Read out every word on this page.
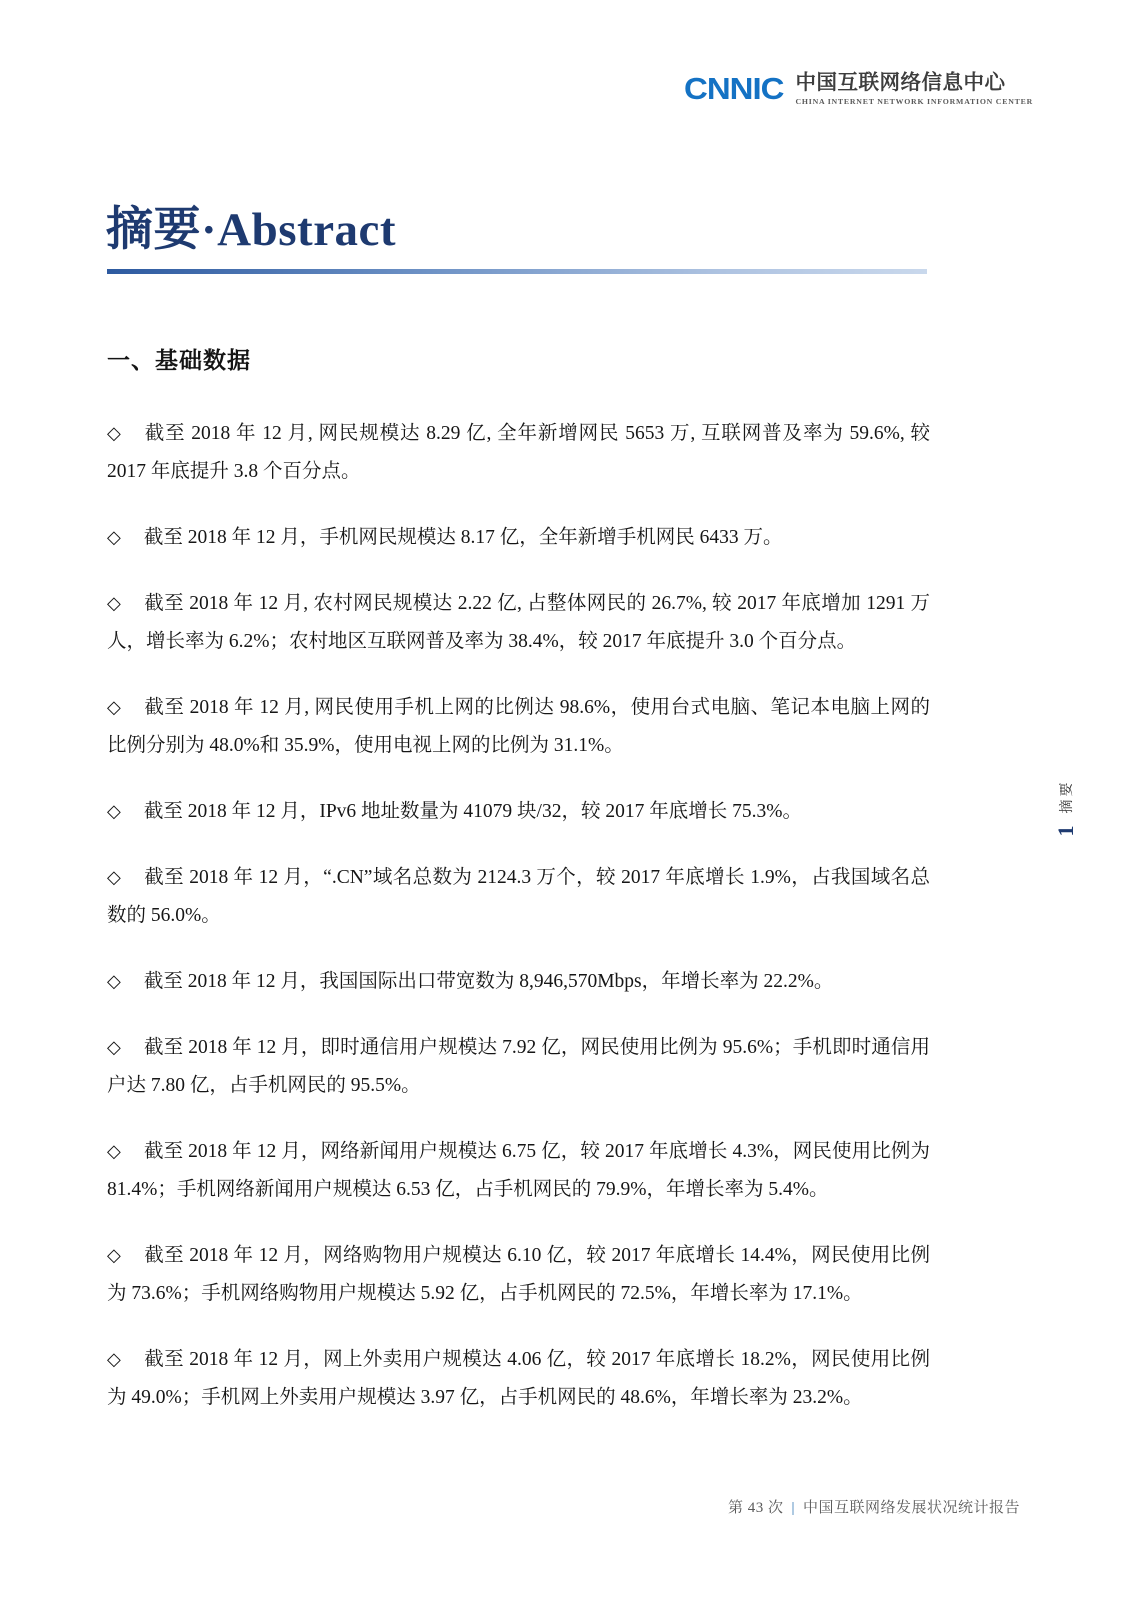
CNNIC 中国互联网络信息中心
CHINA INTERNET NETWORK INFORMATION CENTER
摘要·Abstract
一、基础数据

◇ 截至 2018 年 12 月, 网民规模达 8.29 亿, 全年新增网民 5653 万, 互联网普及率为 59.6%, 较 2017 年底提升 3.8 个百分点。

◇ 截至 2018 年 12 月，手机网民规模达 8.17 亿，全年新增手机网民 6433 万。

◇ 截至 2018 年 12 月, 农村网民规模达 2.22 亿, 占整体网民的 26.7%, 较 2017 年底增加 1291 万人，增长率为 6.2%；农村地区互联网普及率为 38.4%，较 2017 年底提升 3.0 个百分点。

◇ 截至 2018 年 12 月, 网民使用手机上网的比例达 98.6%，使用台式电脑、笔记本电脑上网的比例分别为 48.0%和 35.9%，使用电视上网的比例为 31.1%。

◇ 截至 2018 年 12 月，IPv6 地址数量为 41079 块/32，较 2017 年底增长 75.3%。

◇ 截至 2018 年 12 月，“.CN”域名总数为 2124.3 万个，较 2017 年底增长 1.9%，占我国域名总数的 56.0%。

◇ 截至 2018 年 12 月，我国国际出口带宽数为 8,946,570Mbps，年增长率为 22.2%。

◇ 截至 2018 年 12 月，即时通信用户规模达 7.92 亿，网民使用比例为 95.6%；手机即时通信用户达 7.80 亿，占手机网民的 95.5%。

◇ 截至 2018 年 12 月，网络新闻用户规模达 6.75 亿，较 2017 年底增长 4.3%，网民使用比例为 81.4%；手机网络新闻用户规模达 6.53 亿，占手机网民的 79.9%，年增长率为 5.4%。

◇ 截至 2018 年 12 月，网络购物用户规模达 6.10 亿，较 2017 年底增长 14.4%，网民使用比例为 73.6%；手机网络购物用户规模达 5.92 亿，占手机网民的 72.5%，年增长率为 17.1%。

◇ 截至 2018 年 12 月，网上外卖用户规模达 4.06 亿，较 2017 年底增长 18.2%，网民使用比例为 49.0%；手机网上外卖用户规模达 3.97 亿，占手机网民的 48.6%，年增长率为 23.2%。

1
摘要
第 43 次 | 中国互联网络发展状况统计报告
